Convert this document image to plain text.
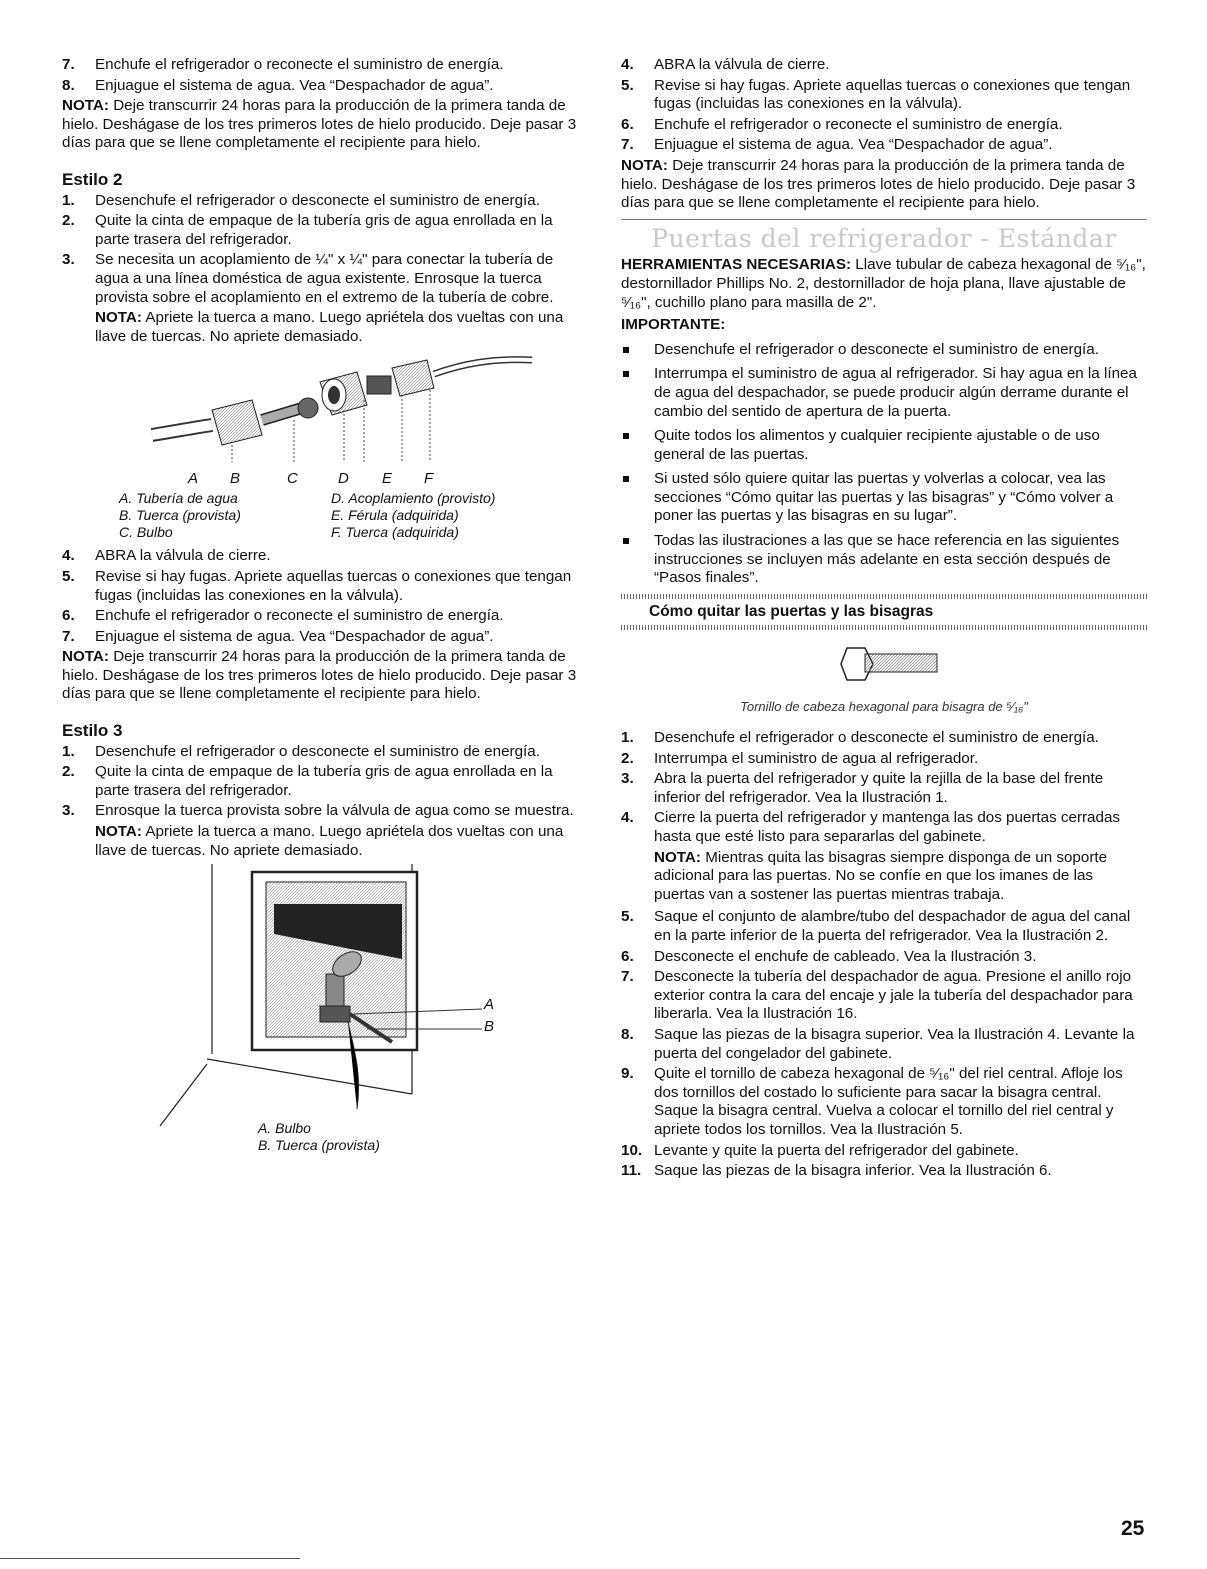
7. Enchufe el refrigerador o reconecte el suministro de energía.
8. Enjuague el sistema de agua. Vea “Despachador de agua”.

NOTA: Deje transcurrir 24 horas para la producción de la primera tanda de hielo. Deshágase de los tres primeros lotes de hielo producido. Deje pasar 3 días para que se llene completamente el recipiente para hielo.

Estilo 2
1. Desenchufe el refrigerador o desconecte el suministro de energía.
2. Quite la cinta de empaque de la tubería gris de agua enrollada en la parte trasera del refrigerador.
3. Se necesita un acoplamiento de ¼" x ¼" para conectar la tubería de agua a una línea doméstica de agua existente. Enrosque la tuerca provista sobre el acoplamiento en el extremo de la tubería de cobre.

NOTA: Apriete la tuerca a mano. Luego apriétela dos vueltas con una llave de tuercas. No apriete demasiado.

A B	C	D E F
A. Tubería de agua	D. Acoplamiento (provisto)
B. Tuerca (provista)	E. Férula (adquirida)
C. Bulbo	F. Tuerca (adquirida)
4. ABRA la válvula de cierre.
5. Revise si hay fugas. Apriete aquellas tuercas o conexiones que tengan fugas (incluidas las conexiones en la válvula).
6. Enchufe el refrigerador o reconecte el suministro de energía.
7. Enjuague el sistema de agua. Vea “Despachador de agua”.

NOTA: Deje transcurrir 24 horas para la producción de la primera tanda de hielo. Deshágase de los tres primeros lotes de hielo producido. Deje pasar 3 días para que se llene completamente el recipiente para hielo.

Estilo 3
1. Desenchufe el refrigerador o desconecte el suministro de energía.
2. Quite la cinta de empaque de la tubería gris de agua enrollada en la parte trasera del refrigerador.
3. Enrosque la tuerca provista sobre la válvula de agua como se muestra.

NOTA: Apriete la tuerca a mano. Luego apriétela dos vueltas con una llave de tuercas. No apriete demasiado.

A
B
A. Bulbo
B. Tuerca (provista)
4. ABRA la válvula de cierre.
5. Revise si hay fugas. Apriete aquellas tuercas o conexiones que tengan fugas (incluidas las conexiones en la válvula).
6. Enchufe el refrigerador o reconecte el suministro de energía.
7. Enjuague el sistema de agua. Vea “Despachador de agua”.

NOTA: Deje transcurrir 24 horas para la producción de la primera tanda de hielo. Deshágase de los tres primeros lotes de hielo producido. Deje pasar 3 días para que se llene completamente el recipiente para hielo.

Puertas del refrigerador - Estándar

HERRAMIENTAS NECESARIAS: Llave tubular de cabeza hexagonal de ⁵⁄₁₆", destornillador Phillips No. 2, destornillador de hoja plana, llave ajustable de ⁵⁄₁₆", cuchillo plano para masilla de 2".

IMPORTANTE:

Desenchufe el refrigerador o desconecte el suministro de energía.
Interrumpa el suministro de agua al refrigerador. Si hay agua en la línea de agua del despachador, se puede producir algún derrame durante el cambio del sentido de apertura de la puerta.
Quite todos los alimentos y cualquier recipiente ajustable o de uso general de las puertas.
Si usted sólo quiere quitar las puertas y volverlas a colocar, vea las secciones “Cómo quitar las puertas y las bisagras” y “Cómo volver a poner las puertas y las bisagras en su lugar”.
Todas las ilustraciones a las que se hace referencia en las siguientes instrucciones se incluyen más adelante en esta sección después de “Pasos finales”.
Cómo quitar las puertas y las bisagras
Tornillo de cabeza hexagonal para bisagra de ⁵⁄₁₆"
1. Desenchufe el refrigerador o desconecte el suministro de energía.
2. Interrumpa el suministro de agua al refrigerador.
3. Abra la puerta del refrigerador y quite la rejilla de la base del frente inferior del refrigerador. Vea la Ilustración 1.
4. Cierre la puerta del refrigerador y mantenga las dos puertas cerradas hasta que esté listo para separarlas del gabinete.

NOTA: Mientras quita las bisagras siempre disponga de un soporte adicional para las puertas. No se confíe en que los imanes de las puertas van a sostener las puertas mientras trabaja.

5. Saque el conjunto de alambre/tubo del despachador de agua del canal en la parte inferior de la puerta del refrigerador. Vea la Ilustración 2.
6. Desconecte el enchufe de cableado. Vea la Ilustración 3.
7. Desconecte la tubería del despachador de agua. Presione el anillo rojo exterior contra la cara del encaje y jale la tubería del despachador para liberarla. Vea la Ilustración 16.
8. Saque las piezas de la bisagra superior. Vea la Ilustración 4. Levante la puerta del congelador del gabinete.
9. Quite el tornillo de cabeza hexagonal de ⁵⁄₁₆" del riel central. Afloje los dos tornillos del costado lo suficiente para sacar la bisagra central. Saque la bisagra central. Vuelva a colocar el tornillo del riel central y apriete todos los tornillos. Vea la Ilustración 5.
10. Levante y quite la puerta del refrigerador del gabinete.
11. Saque las piezas de la bisagra inferior. Vea la Ilustración 6.
25
